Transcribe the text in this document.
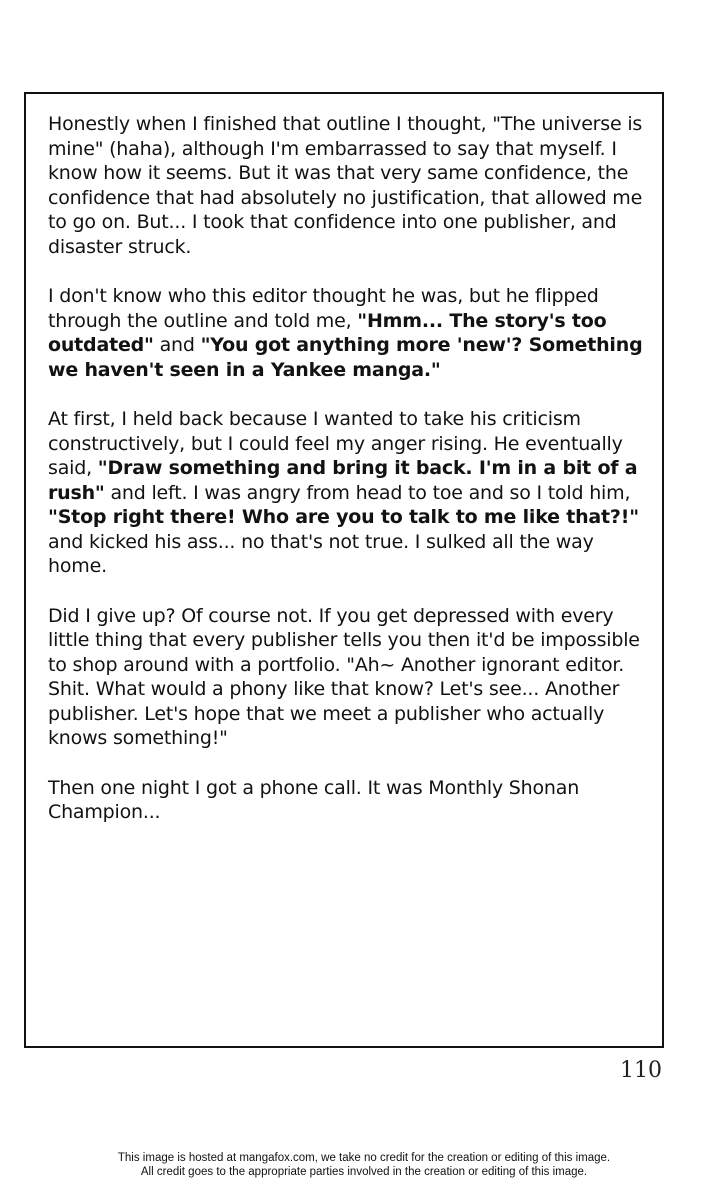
Honestly when I finished that outline I thought, "The universe is mine" (haha), although I'm embarrassed to say that myself. I know how it seems. But it was that very same confidence, the confidence that had absolutely no justification, that allowed me to go on. But... I took that confidence into one publisher, and disaster struck.

I don't know who this editor thought he was, but he flipped through the outline and told me, "Hmm... The story's too outdated" and "You got anything more 'new'? Something we haven't seen in a Yankee manga."

At first, I held back because I wanted to take his criticism constructively, but I could feel my anger rising. He eventually said, "Draw something and bring it back. I'm in a bit of a rush" and left. I was angry from head to toe and so I told him, "Stop right there! Who are you to talk to me like that?!" and kicked his ass... no that's not true. I sulked all the way home.

Did I give up? Of course not. If you get depressed with every little thing that every publisher tells you then it'd be impossible to shop around with a portfolio. "Ah~ Another ignorant editor. Shit. What would a phony like that know? Let's see... Another publisher. Let's hope that we meet a publisher who actually knows something!"

Then one night I got a phone call. It was Monthly Shonan Champion...

110
This image is hosted at mangafox.com, we take no credit for the creation or editing of this image.
All credit goes to the appropriate parties involved in the creation or editing of this image.
